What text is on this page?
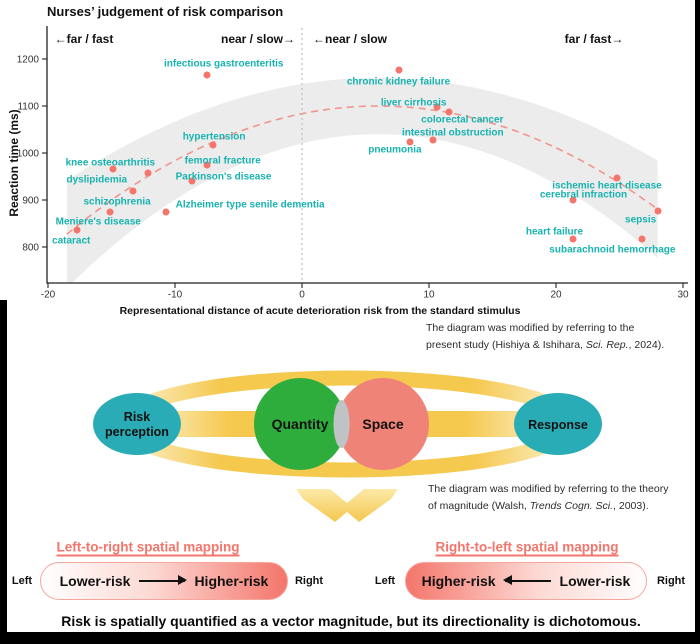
Nurses’ judgement of risk comparison
Reaction time (ms)
←far / fast	near / slow→ ←near / slow	far / fast→
-20	-10	0	10	20	30
800
900
1000
1100
1200
cataract
Meniere's disease
schizophrenia
dyslipidemia
knee osteoarthritis
hypertension
femoral fracture
Parkinson's disease
Alzheimer type senile dementia
infectious gastroenteritis
chronic kidney failure
liver cirrhosis
colorectal cancer
intestinal obstruction
pneumonia
ischemic heart disease
cerebral infraction
sepsis
heart failure
subarachnoid hemorrhage
Representational distance of acute deterioration risk from the standard stimulus
The diagram was modified by referring to the
present study (Hishiya & Ishihara, Sci. Rep., 2024).
Risk
perception	Quantity Space	Response
The diagram was modified by referring to the theory
of magnitude (Walsh, Trends Cogn. Sci., 2003).
Left-to-right spatial mapping	Right-to-left spatial mapping
Left Lower-risk	Higher-risk Right	Left Higher-risk	Lower-risk Right
Risk is spatially quantified as a vector magnitude, but its directionality is dichotomous.
